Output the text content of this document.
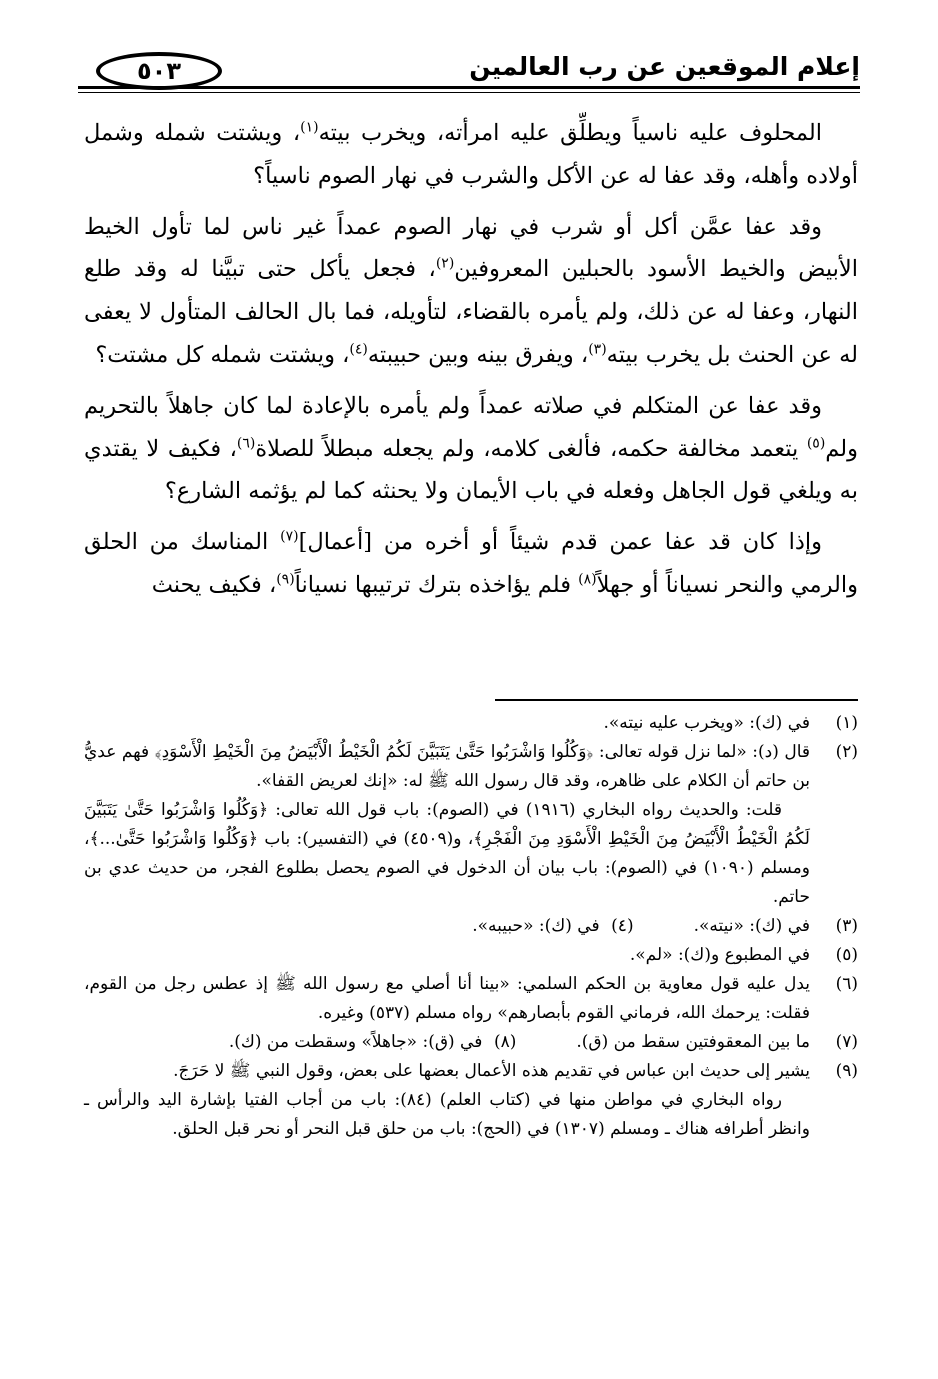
إعلام الموقعين عن رب العالمين
٥٠٣

المحلوف عليه ناسياً ويطلِّق عليه امرأته، ويخرب بيته$^{(١)}$، ويشتت شمله وشمل أولاده وأهله، وقد عفا له عن الأكل والشرب في نهار الصوم ناسياً؟

وقد عفا عمَّن أكل أو شرب في نهار الصوم عمداً غير ناس لما تأول الخيط الأبيض والخيط الأسود بالحبلين المعروفين$^{(٢)}$، فجعل يأكل حتى تبيَّنا له وقد طلع النهار، وعفا له عن ذلك، ولم يأمره بالقضاء، لتأويله، فما بال الحالف المتأول لا يعفى له عن الحنث بل يخرب بيته$^{(٣)}$، ويفرق بينه وبين حبيبته$^{(٤)}$، ويشتت شمله كل مشتت؟

وقد عفا عن المتكلم في صلاته عمداً ولم يأمره بالإعادة لما كان جاهلاً بالتحريم ولم$^{(٥)}$ يتعمد مخالفة حكمه، فألغى كلامه، ولم يجعله مبطلاً للصلاة$^{(٦)}$، فكيف لا يقتدي به ويلغي قول الجاهل وفعله في باب الأيمان ولا يحنثه كما لم يؤثمه الشارع؟

وإذا كان قد عفا عمن قدم شيئاً أو أخره من [أعمال]$^{(٧)}$ المناسك من الحلق والرمي والنحر نسياناً أو جهلاً$^{(٨)}$ فلم يؤاخذه بترك ترتيبها نسياناً$^{(٩)}$، فكيف يحنث

(١)
في (ك): «ويخرب عليه نيته».
(٢)
قال (د): «لما نزل قوله تعالى: ﴿وَكُلُوا وَاشْرَبُوا حَتَّىٰ يَتَبَيَّنَ لَكُمُ الْخَيْطُ الْأَبْيَضُ مِنَ الْخَيْطِ الْأَسْوَدِ﴾ فهم عديُّ بن حاتم أن الكلام على ظاهره، وقد قال رسول الله ﷺ له: «إنك لعريض القفا».
قلت: والحديث رواه البخاري (١٩١٦) في (الصوم): باب قول الله تعالى: ﴿وَكُلُوا وَاشْرَبُوا حَتَّىٰ يَتَبَيَّنَ لَكُمُ الْخَيْطُ الْأَبْيَضُ مِنَ الْخَيْطِ الْأَسْوَدِ مِنَ الْفَجْرِ﴾، و(٤٥٠٩) في (التفسير): باب ﴿وَكُلُوا وَاشْرَبُوا حَتَّىٰ...﴾، ومسلم (١٠٩٠) في (الصوم): باب بيان أن الدخول في الصوم يحصل بطلوع الفجر، من حديث عدي بن حاتم.
(٣)
في (ك): «نيته».
(٤)
في (ك): «حبيبه».
(٥)
في المطبوع و(ك): «لم».
(٦)
يدل عليه قول معاوية بن الحكم السلمي: «بينا أنا أصلي مع رسول الله ﷺ إذ عطس رجل من القوم، فقلت: يرحمك الله، فرماني القوم بأبصارهم» رواه مسلم (٥٣٧) وغيره.
(٧)
ما بين المعقوفتين سقط من (ق).
(٨)
في (ق): «جاهلاً» وسقطت من (ك).
(٩)
يشير إلى حديث ابن عباس في تقديم هذه الأعمال بعضها على بعض، وقول النبي ﷺ لا حَرَجَ.
رواه البخاري في مواطن منها في (كتاب العلم) (٨٤): باب من أجاب الفتيا بإشارة اليد والرأس ـ وانظر أطرافه هناك ـ ومسلم (١٣٠٧) في (الحج): باب من حلق قبل النحر أو نحر قبل الحلق.
